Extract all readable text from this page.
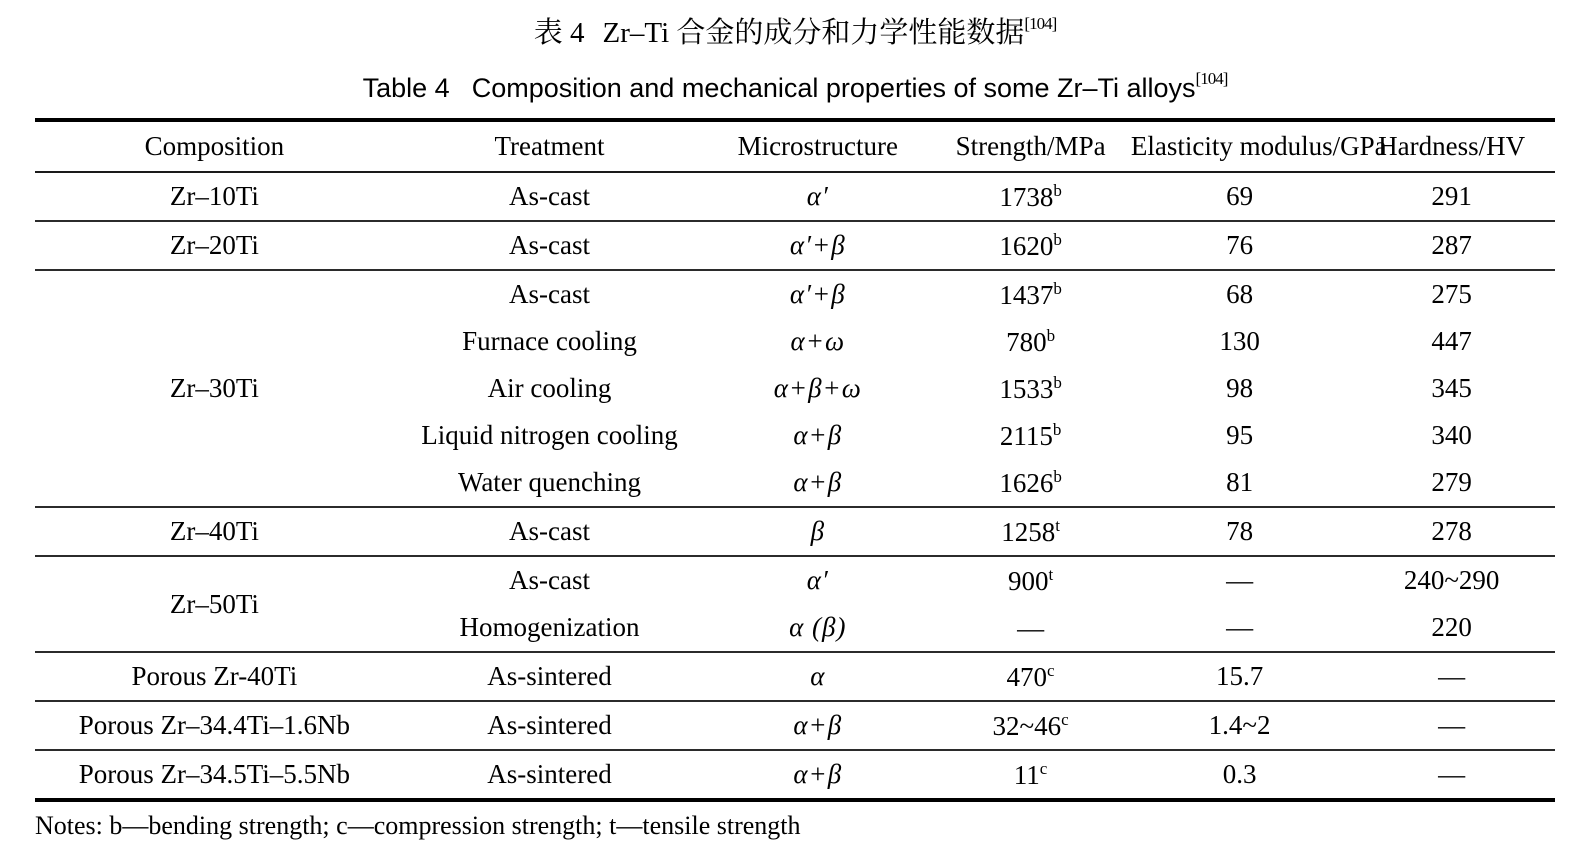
表 4 Zr–Ti 合金的成分和力学性能数据[104]
Table 4 Composition and mechanical properties of some Zr–Ti alloys[104]
Composition	Treatment	Microstructure	Strength/MPa	Elasticity modulus/GPa	Hardness/HV
Zr–10Ti	As-cast	α′	1738$^b$	69	291
Zr–20Ti	As-cast	α′+β	1620$^b$	76	287
Zr–30Ti	As-cast	α′+β	1437$^b$	68	275
	Furnace cooling	α+ω	780$^b$	130	447
	Air cooling	α+β+ω	1533$^b$	98	345
	Liquid nitrogen cooling	α+β	2115$^b$	95	340
	Water quenching	α+β	1626$^b$	81	279
Zr–40Ti	As-cast	β	1258$^t$	78	278
Zr–50Ti	As-cast	α′	900$^t$	—	240~290
	Homogenization	α (β)	—	—	220
Porous Zr-40Ti	As-sintered	α	470$^c$	15.7	—
Porous Zr–34.4Ti–1.6Nb	As-sintered	α+β	32~46$^c$	1.4~2	—
Porous Zr–34.5Ti–5.5Nb	As-sintered	α+β	11$^c$	0.3	—
Notes: b—bending strength; c—compression strength; t—tensile strength
